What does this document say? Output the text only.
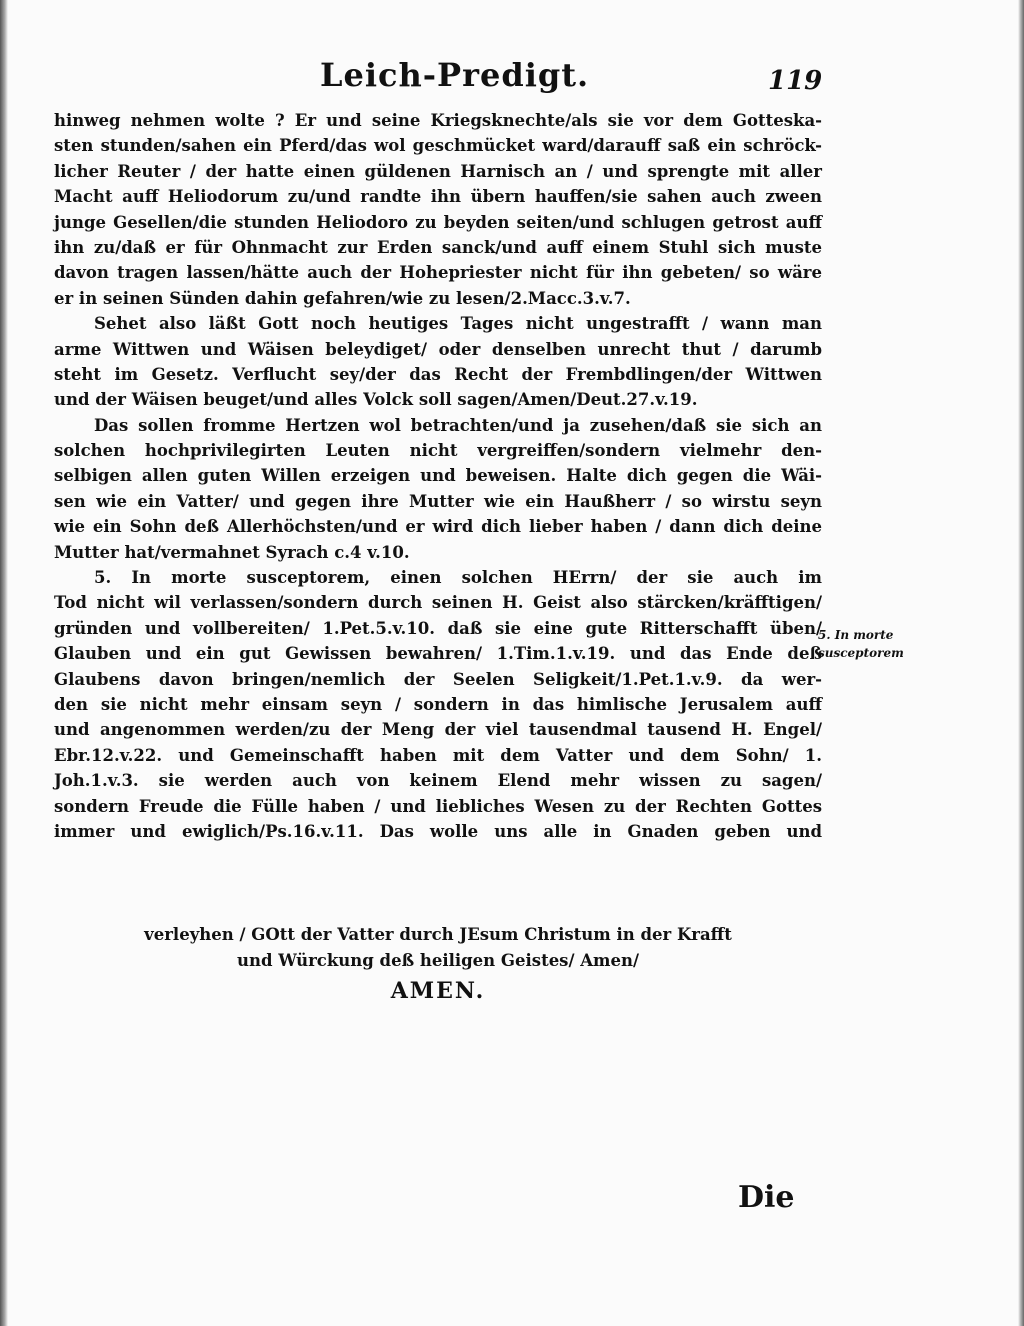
Leich-Predigt.	119
hinweg nehmen wolte ? Er und seine Kriegsknechte/als sie vor dem Gotteska-
sten stunden/sahen ein Pferd/das wol geschmücket ward/darauff saß ein schröck-
licher Reuter / der hatte einen güldenen Harnisch an / und sprengte mit aller
Macht auff Heliodorum zu/und randte ihn übern hauffen/sie sahen auch zween
junge Gesellen/die stunden Heliodoro zu beyden seiten/und schlugen getrost auff
ihn zu/daß er für Ohnmacht zur Erden sanck/und auff einem Stuhl sich muste
davon tragen lassen/hätte auch der Hohepriester nicht für ihn gebeten/ so wäre
er in seinen Sünden dahin gefahren/wie zu lesen/2.Macc.3.v.7.
Sehet also läßt Gott noch heutiges Tages nicht ungestrafft / wann man
arme Wittwen und Wäisen beleydiget/ oder denselben unrecht thut / darumb
steht im Gesetz. Verflucht sey/der das Recht der Frembdlingen/der Wittwen
und der Wäisen beuget/und alles Volck soll sagen/Amen/Deut.27.v.19.
Das sollen fromme Hertzen wol betrachten/und ja zusehen/daß sie sich an
solchen hochprivilegirten Leuten nicht vergreiffen/sondern vielmehr den-
selbigen allen guten Willen erzeigen und beweisen. Halte dich gegen die Wäi-
sen wie ein Vatter/ und gegen ihre Mutter wie ein Haußherr / so wirstu seyn
wie ein Sohn deß Allerhöchsten/und er wird dich lieber haben / dann dich deine
Mutter hat/vermahnet Syrach c.4 v.10.
5. In morte susceptorem, einen solchen HErrn/ der sie auch im
Tod nicht wil verlassen/sondern durch seinen H. Geist also stärcken/kräfftigen/
gründen und vollbereiten/ 1.Pet.5.v.10. daß sie eine gute Ritterschafft üben/
Glauben und ein gut Gewissen bewahren/ 1.Tim.1.v.19. und das Ende deß
Glaubens davon bringen/nemlich der Seelen Seligkeit/1.Pet.1.v.9. da wer-
den sie nicht mehr einsam seyn / sondern in das himlische Jerusalem auff
und angenommen werden/zu der Meng der viel tausendmal tausend H. Engel/
Ebr.12.v.22. und Gemeinschafft haben mit dem Vatter und dem Sohn/ 1.
Joh.1.v.3. sie werden auch von keinem Elend mehr wissen zu sagen/
sondern Freude die Fülle haben / und liebliches Wesen zu der Rechten Gottes
immer und ewiglich/Ps.16.v.11. Das wolle uns alle in Gnaden geben und
verleyhen / GOtt der Vatter durch JEsum Christum in der Krafft
und Würckung deß heiligen Geistes/ Amen/
AMEN.
5. In morte susceptorem
Die
